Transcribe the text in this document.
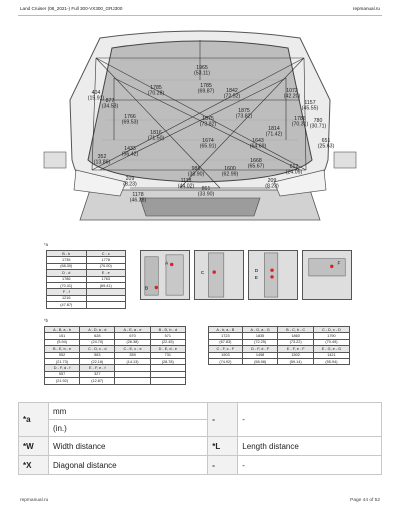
Land Cruiser (08_2021-) Full 300-VX300_GRJ300	repmanual.ru
1965 (53.11)
1785 (70.28)
1785 (69.87)	1842 (72.52)
1072 (42.20)
404 (15.91)
1157 (45.55)
877 (34.53)
1875 (73.82)
1875 (73.82)
1766 (69.53)
1674 (65.91)
1786 (70.31)
780 (30.71)
651 (25.63)
1816 (71.50)	1643 (64.69)
1814 (71.42)
1433 (56.42)
1668 (65.67)
352 (13.86)
988 (38.90)
1600 (62.99)
612 (24.09)
209 (8.23)
1118 (44.02)	861 (33.90)
209 (8.23)
1178 (46.38)
*a
B - b	C - c
1735	1778
(68.30)	(70.00)
D - d	E - e
1786	1763
(70.31)	(69.41)
F - f	
1216	
(47.87)	
A
B
C	D
E
F
*b
A - B, a - b	A - D, a - d	A - E, a - e	B - D, b - d
151	628	670	571
(5.94)	(24.70)	(26.38)	(22.45)
B - E, b - e	C - D, c - d	C - E, c - e	D - E, d - e
552	563	359	731
(21.73)	(22.16)	(14.13)	(28.78)
D - F, d - f	E - F, e - f		
557	327		
(21.92)	(12.87)		
A - b, a - B	A - G, a - G	B - C, b - C	C - D, c - D
1723	1835	1860	1790
(67.83)	(72.25)	(73.22)	(70.49)
C - F, c - F	D - F, d - F	E - F, e - F	E - G, e - G
1903	1498	1502	1421
(74.92)	(58.98)	(59.14)	(55.94)
*a	mm	-	-
	(in.)		
*W	Width distance	*L	Length distance
*X	Diagonal distance	-	-
repmanual.ru	Page 44 of 52
